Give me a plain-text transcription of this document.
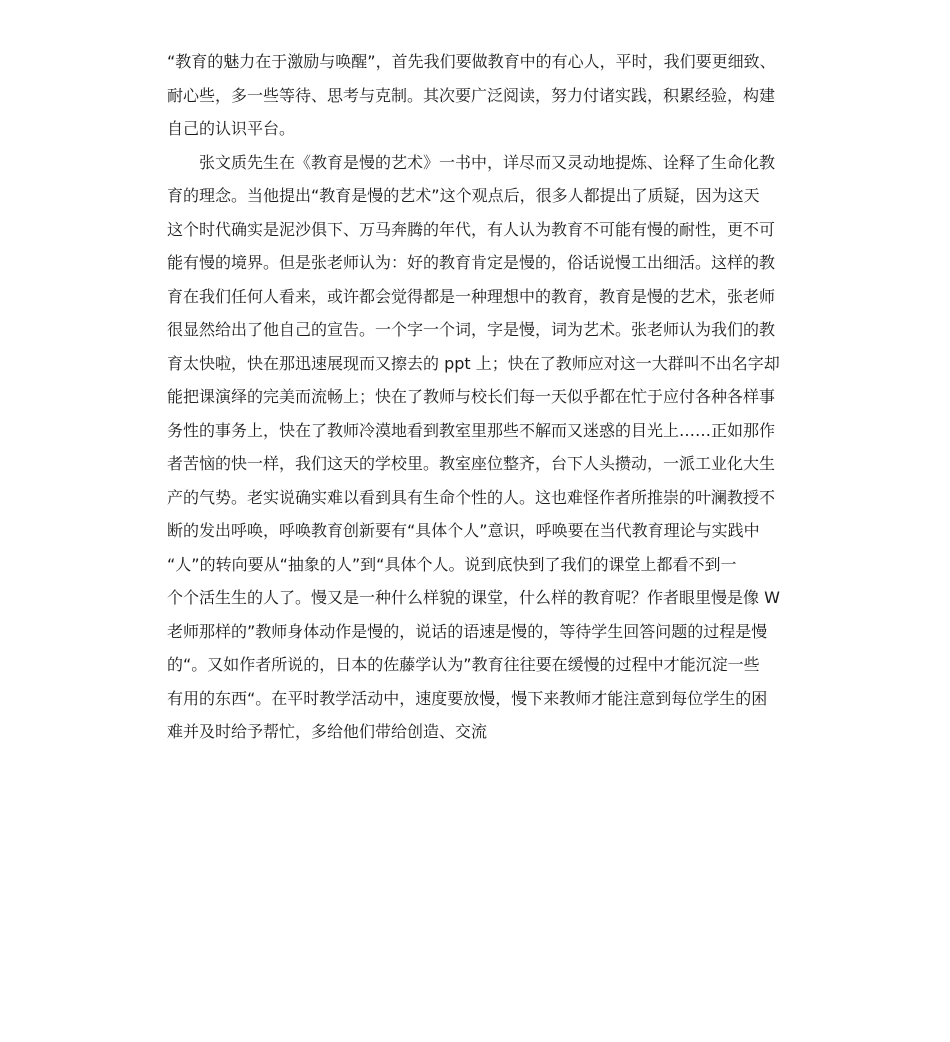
“教育的魅力在于激励与唤醒”，首先我们要做教育中的有心人，平时，我们要更细致、
耐心些，多一些等待、思考与克制。其次要广泛阅读，努力付诸实践，积累经验，构建
自己的认识平台。

张文质先生在《教育是慢的艺术》一书中，详尽而又灵动地提炼、诠释了生命化教
育的理念。当他提出“教育是慢的艺术”这个观点后，很多人都提出了质疑，因为这天
这个时代确实是泥沙俱下、万马奔腾的年代，有人认为教育不可能有慢的耐性，更不可
能有慢的境界。但是张老师认为：好的教育肯定是慢的，俗话说慢工出细活。这样的教
育在我们任何人看来，或许都会觉得都是一种理想中的教育，教育是慢的艺术，张老师
很显然给出了他自己的宣告。一个字一个词，字是慢，词为艺术。张老师认为我们的教
育太快啦，快在那迅速展现而又擦去的 ppt 上；快在了教师应对这一大群叫不出名字却
能把课演绎的完美而流畅上；快在了教师与校长们每一天似乎都在忙于应付各种各样事
务性的事务上，快在了教师冷漠地看到教室里那些不解而又迷惑的目光上……正如那作
者苦恼的快一样，我们这天的学校里。教室座位整齐，台下人头攒动，一派工业化大生
产的气势。老实说确实难以看到具有生命个性的人。这也难怪作者所推崇的叶澜教授不
断的发出呼唤，呼唤教育创新要有“具体个人”意识，呼唤要在当代教育理论与实践中
“人”的转向要从“抽象的人”到“具体个人。说到底快到了我们的课堂上都看不到一
个个活生生的人了。慢又是一种什么样貌的课堂，什么样的教育呢？作者眼里慢是像 W
老师那样的”教师身体动作是慢的，说话的语速是慢的，等待学生回答问题的过程是慢
的“。又如作者所说的，日本的佐藤学认为”教育往往要在缓慢的过程中才能沉淀一些
有用的东西“。在平时教学活动中，速度要放慢，慢下来教师才能注意到每位学生的困
难并及时给予帮忙，多给他们带给创造、交流
